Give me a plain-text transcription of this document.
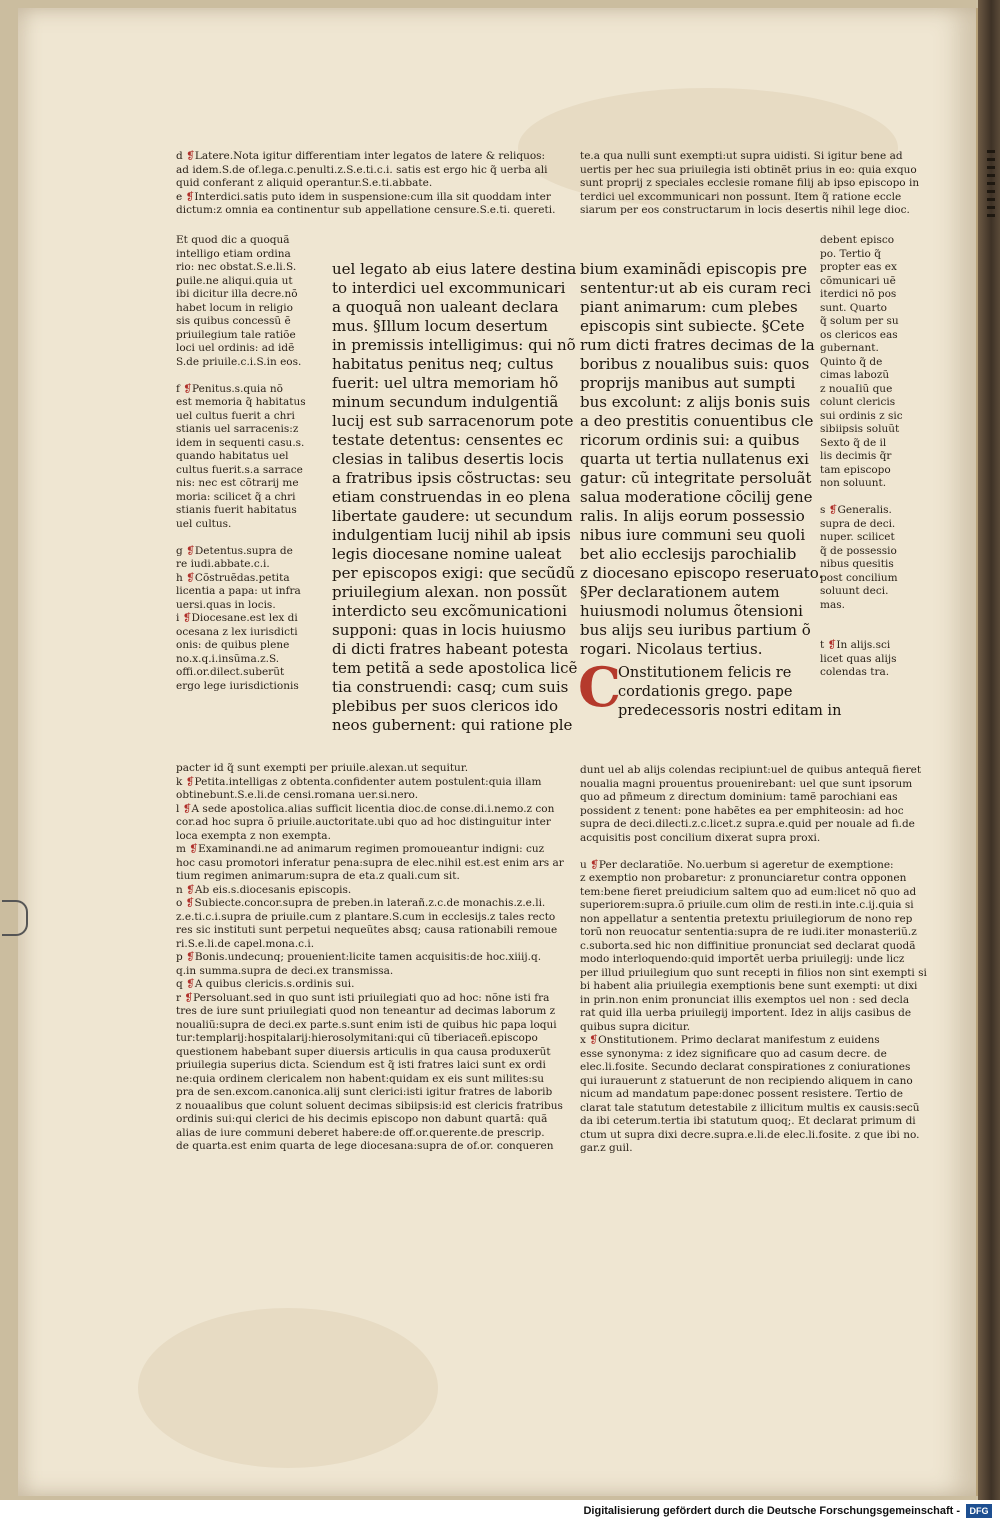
d ❡Latere.Nota igitur differentiam inter legatos de latere & reliquos:
ad idem.S.de of.lega.c.penulti.z.S.e.ti.c.i. satis est ergo hic q̃ uerba ali
quid conferant z aliquid operantur.S.e.ti.abbate.
e ❡Interdici.satis puto idem in suspensione:cum illa sit quoddam inter
dictum:z omnia ea continentur sub appellatione censure.S.e.ti. quereti.
Et quod dic a quoquã
intelligo etiam ordina
rio: nec obstat.S.e.li.S.
ꝑuile.ne aliqui.quia ut
ibi dicitur illa decre.nõ
habet locum in religio
sis quibus concessũ ẽ
priuilegium tale ratiõe
loci uel ordinis: ad idẽ
S.de priuile.c.i.S.in eos.

f ❡Penitus.s.quia nõ
est memoria q̃ habitatus
uel cultus fuerit a chri
stianis uel sarracenis:z
idem in sequenti casu.s.
quando habitatus uel
cultus fuerit.s.a sarrace
nis: nec est cõtrarij me
moria: scilicet q̃ a chri
stianis fuerit habitatus
uel cultus.

g ❡Detentus.supra de
re iudi.abbate.c.i.
h ❡Cõstruẽdas.petita
licentia a papa: ut infra
uersi.quas in locis.
i ❡Diocesane.est lex di
ocesana z lex iurisdicti
onis: de quibus plene
no.x.q.i.insũma.z.S.
offi.or.dilect.suberũt
ergo lege iurisdictionis
uel legato ab eius latere destina
to interdici uel excommunicari
a quoquã non ualeant declara
mus. §Illum locum desertum
in premissis intelligimus: qui nõ
habitatus penitus neq; cultus
fuerit: uel ultra memoriam hõ
minum secundum indulgentiã
lucij est sub sarracenorum pote
testate detentus: censentes ec
clesias in talibus desertis locis
a fratribus ipsis cõstructas: seu
etiam construendas in eo plena
libertate gaudere: ut secundum
indulgentiam lucij nihil ab ipsis
legis diocesane nomine ualeat
per episcopos exigi: que secũdũ
priuilegium alexan. non possũt
interdicto seu excõmunicationi
supponi: quas in locis huiusmo
di dicti fratres habeant potesta
tem petitã a sede apostolica licẽ
tia construendi: casq; cum suis
plebibus per suos clericos ido
neos gubernent: qui ratione ple
pacter id q̃ sunt exempti per priuile.alexan.ut sequitur.
k ❡Petita.intelligas z obtenta.confidenter autem postulent:quia illam
obtinebunt.S.e.li.de censi.romana uer.si.nero.
l ❡A sede apostolica.alias sufficit licentia dioc.de conse.di.i.nemo.z con
cor.ad hoc supra õ priuile.auctoritate.ubi quo ad hoc distinguitur inter
loca exempta z non exempta.
m ❡Examinandi.ne ad animarum regimen promoueantur indigni: cuz
hoc casu promotori inferatur pena:supra de elec.nihil est.est enim ars ar
tium regimen animarum:supra de eta.z quali.cum sit.
n ❡Ab eis.s.diocesanis episcopis.
o ❡Subiecte.concor.supra de preben.in laterañ.z.c.de monachis.z.e.li.
z.e.ti.c.i.supra de priuile.cum z plantare.S.cum in ecclesijs.z tales recto
res sic instituti sunt perpetui nequeũtes absq; causa rationabili remoue
ri.S.e.li.de capel.mona.c.i.
p ❡Bonis.undecunq; prouenient:licite tamen acquisitis:de hoc.xiiij.q.
q.in summa.supra de deci.ex transmissa.
q ❡A quibus clericis.s.ordinis sui.
r ❡Persoluant.sed in quo sunt isti priuilegiati quo ad hoc: nõne isti fra
tres de iure sunt priuilegiati quod non teneantur ad decimas laborum z
noualiũ:supra de deci.ex parte.s.sunt enim isti de quibus hic papa loqui
tur:templarij:hospitalarij:hierosolymitani:qui cũ tiberiaceñ.episcopo
questionem habebant super diuersis articulis in qua causa produxerũt
priuilegia superius dicta. Sciendum est q̃ isti fratres laici sunt ex ordi
ne:quia ordinem clericalem non habent:quidam ex eis sunt milites:su
pra de sen.excom.canonica.alij sunt clerici:isti igitur fratres de laborib
z nouaalibus que colunt soluent decimas sibiipsis:id est clericis fratribus
ordinis sui:qui clerici de his decimis episcopo non dabunt quartã: quã
alias de iure communi deberet habere:de off.or.querente.de prescrip.
de quarta.est enim quarta de lege diocesana:supra de of.or. conqueren
te.a qua nulli sunt exempti:ut supra uidisti. Si igitur bene ad
uertis per hec sua priuilegia isti obtinẽt prius in eo: quia exquo
sunt proprij z speciales ecclesie romane filij ab ipso episcopo in
terdici uel excommunicari non possunt. Item q̃ ratione eccle
siarum per eos constructarum in locis desertis nihil lege dioc.
bium examinãdi episcopis pre
sententur:ut ab eis curam reci
piant animarum: cum plebes
episcopis sint subiecte. §Cete
rum dicti fratres decimas de la
boribus z noualibus suis: quos
proprijs manibus aut sumpti
bus excolunt: z alijs bonis suis
a deo prestitis conuentibus cle
ricorum ordinis sui: a quibus
quarta ut tertia nullatenus exi
gatur: cũ integritate persoluãt
salua moderatione cõcilij gene
ralis. In alijs eorum possessio
nibus iure communi seu quoli
bet alio ecclesijs parochialib
z diocesano episcopo reseruato.
§Per declarationem autem
huiusmodi nolumus õtensioni
bus alijs seu iuribus partium õ
rogari. Nicolaus tertius.
C
Onstitutionem felicis re
cordationis grego. pape
predecessoris nostri editam in
debent episco
po. Tertio q̃
propter eas ex
cõmunicari uẽ
iterdici nõ pos
sunt. Quarto
q̃ solum per su
os clericos eas
gubernant.
Quinto q̃ de
cimas labozũ
z nouaIiũ que
colunt clericis
sui ordinis z sic
sibiipsis soluũt
Sexto q̃ de il
lis decimis q̃r
tam episcopo
non soluunt.

s ❡Generalis.
supra de deci.
nuper. scilicet
q̃ de possessio
nibus quesitis
post concilium
soluunt deci.
mas.

t ❡In alijs.sci
licet quas alijs
colendas tra.
dunt uel ab alijs colendas recipiunt:uel de quibus antequã fieret
noualia magni prouentus prouenirebant: uel que sunt ipsorum
quo ad pñmeum z directum dominium: tamẽ parochiani eas
possident z tenent: pone habẽtes ea per emphiteosin: ad hoc
supra de deci.dilecti.z.c.licet.z supra.e.quid per nouale ad fi.de
acquisitis post concilium dixerat supra proxi.

u ❡Per declaratiõe. No.uerbum si ageretur de exemptione:
z exemptio non probaretur: z pronunciaretur contra opponen
tem:bene fieret preiudicium saltem quo ad eum:licet nõ quo ad
superiorem:supra.õ priuile.cum olim de resti.in inte.c.ij.quia si
non appellatur a sententia pretextu priuilegiorum de nono rep
torũ non reuocatur sententia:supra de re iudi.iter monasteriũ.z
c.suborta.sed hic non diffinitiue pronunciat sed declarat quodã
modo interloquendo:quid importẽt uerba priuilegij: unde licz
per illud priuilegium quo sunt recepti in filios non sint exempti si
bi habent alia priuilegia exemptionis bene sunt exempti: ut dixi
in prin.non enim pronunciat illis exemptos uel non : sed decla
rat quid illa uerba priuilegij importent. Idez in alijs casibus de
quibus supra dicitur.
x ❡Onstitutionem. Primo declarat manifestum z euidens
esse synonyma: z idez significare quo ad casum decre. de
elec.li.fosite. Secundo declarat conspirationes z coniurationes
qui iurauerunt z statuerunt de non recipiendo aliquem in cano
nicum ad mandatum pape:donec possent resistere. Tertio de
clarat tale statutum detestabile z illicitum multis ex causis:secũ
da ibi ceterum.tertia ibi statutum quoq;. Et declarat primum di
ctum ut supra dixi decre.supra.e.li.de elec.li.fosite. z que ibi no.
gar.z guil.
Digitalisierung gefördert durch die Deutsche Forschungsgemeinschaft -	DFG
